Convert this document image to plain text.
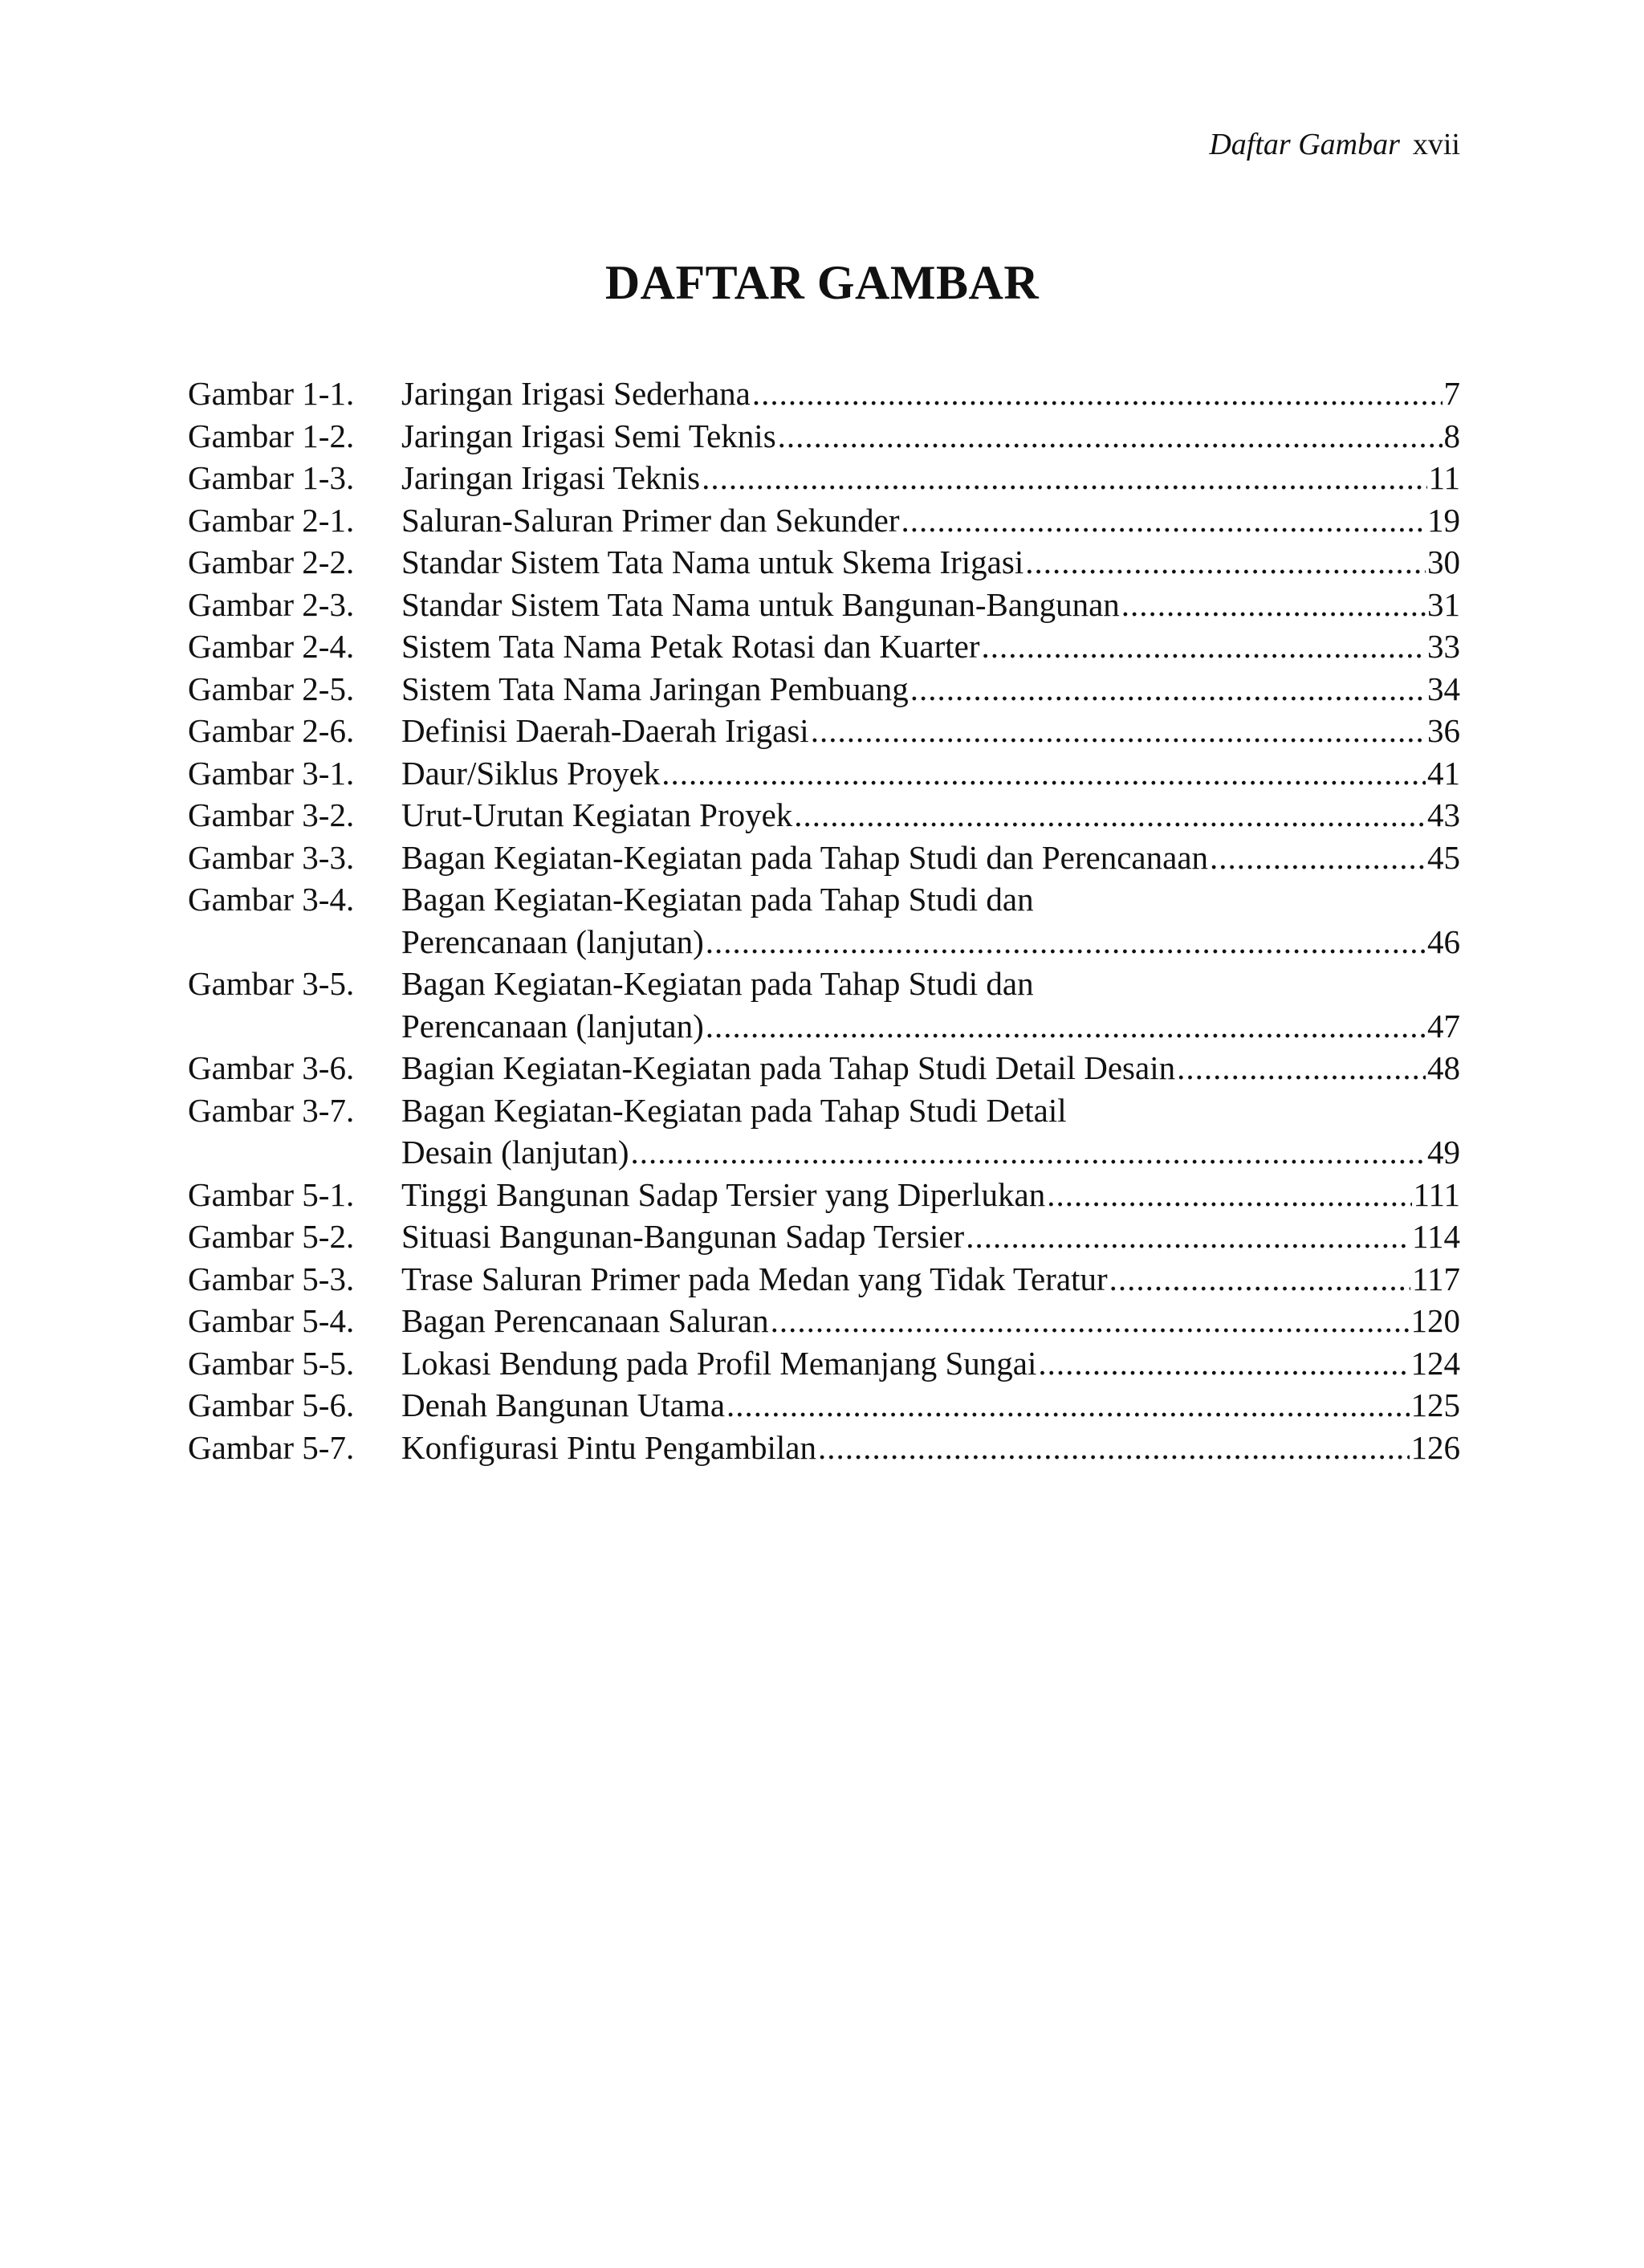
Daftar Gambar xvii
DAFTAR GAMBAR
Gambar 1-1. Jaringan Irigasi Sederhana .....	7
Gambar 1-2. Jaringan Irigasi Semi Teknis .....	8
Gambar 1-3. Jaringan Irigasi Teknis .....	11
Gambar 2-1. Saluran-Saluran Primer dan Sekunder .....	19
Gambar 2-2. Standar Sistem Tata Nama untuk Skema Irigasi .....	30
Gambar 2-3. Standar Sistem Tata Nama untuk Bangunan-Bangunan .....	31
Gambar 2-4. Sistem Tata Nama Petak Rotasi dan Kuarter .....	33
Gambar 2-5. Sistem Tata Nama Jaringan Pembuang .....	34
Gambar 2-6. Definisi Daerah-Daerah Irigasi .....	36
Gambar 3-1. Daur/Siklus Proyek .....	41
Gambar 3-2. Urut-Urutan Kegiatan Proyek .....	43
Gambar 3-3. Bagan Kegiatan-Kegiatan pada Tahap Studi dan Perencanaan .....	45
Gambar 3-4. Bagan Kegiatan-Kegiatan pada Tahap Studi dan
Perencanaan (lanjutan) .....	46
Gambar 3-5. Bagan Kegiatan-Kegiatan pada Tahap Studi dan
Perencanaan (lanjutan) .....	47
Gambar 3-6. Bagian Kegiatan-Kegiatan pada Tahap Studi Detail Desain .....	48
Gambar 3-7. Bagan Kegiatan-Kegiatan pada Tahap Studi Detail
Desain (lanjutan) .....	49
Gambar 5-1. Tinggi Bangunan Sadap Tersier yang Diperlukan .....	111
Gambar 5-2. Situasi Bangunan-Bangunan Sadap Tersier .....	114
Gambar 5-3. Trase Saluran Primer pada Medan yang Tidak Teratur .....	117
Gambar 5-4. Bagan Perencanaan Saluran .....	120
Gambar 5-5. Lokasi Bendung pada Profil Memanjang Sungai .....	124
Gambar 5-6. Denah Bangunan Utama .....	125
Gambar 5-7. Konfigurasi Pintu Pengambilan .....	126
